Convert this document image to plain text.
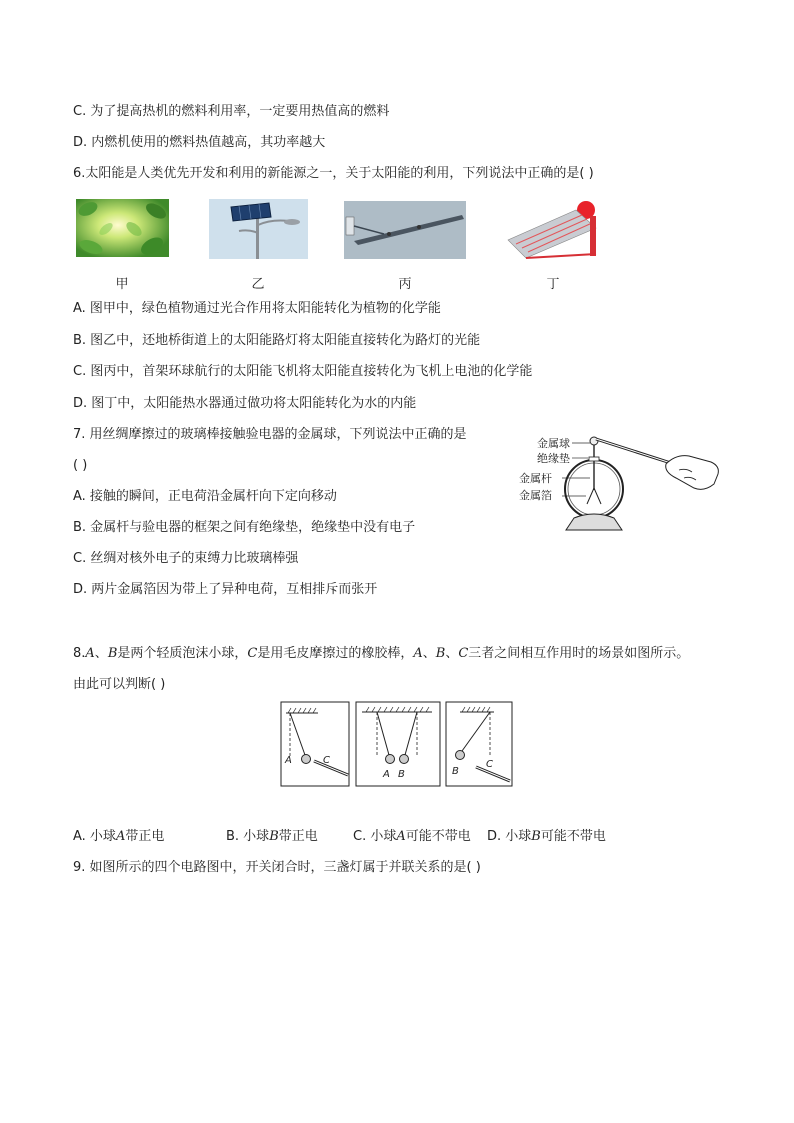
C. 为了提高热机的燃料利用率，一定要用热值高的燃料
D. 内燃机使用的燃料热值越高，其功率越大
6.太阳能是人类优先开发和利用的新能源之一，关于太阳能的利用，下列说法中正确的是( )
甲	乙	丙	丁
A. 图甲中，绿色植物通过光合作用将太阳能转化为植物的化学能
B. 图乙中，还地桥街道上的太阳能路灯将太阳能直接转化为路灯的光能
C. 图丙中，首架环球航行的太阳能飞机将太阳能直接转化为飞机上电池的化学能
D. 图丁中，太阳能热水器通过做功将太阳能转化为水的内能
7. 用丝绸摩擦过的玻璃棒接触验电器的金属球，下列说法中正确的是
( )
A. 接触的瞬间，正电荷沿金属杆向下定向移动
B. 金属杆与验电器的框架之间有绝缘垫，绝缘垫中没有电子
C. 丝绸对核外电子的束缚力比玻璃棒强
D. 两片金属箔因为带上了异种电荷，互相排斥而张开
金属球
绝缘垫
金属杆
金属箔
8.A、B是两个轻质泡沫小球，C是用毛皮摩擦过的橡胶棒，A、B、C三者之间相互作用时的场景如图所示。
由此可以判断( )
A	C
A B	B
C
A. 小球A带正电	B. 小球B带正电	C. 小球A可能不带电 D. 小球B可能不带电
9. 如图所示的四个电路图中，开关闭合时，三盏灯属于并联关系的是( )
